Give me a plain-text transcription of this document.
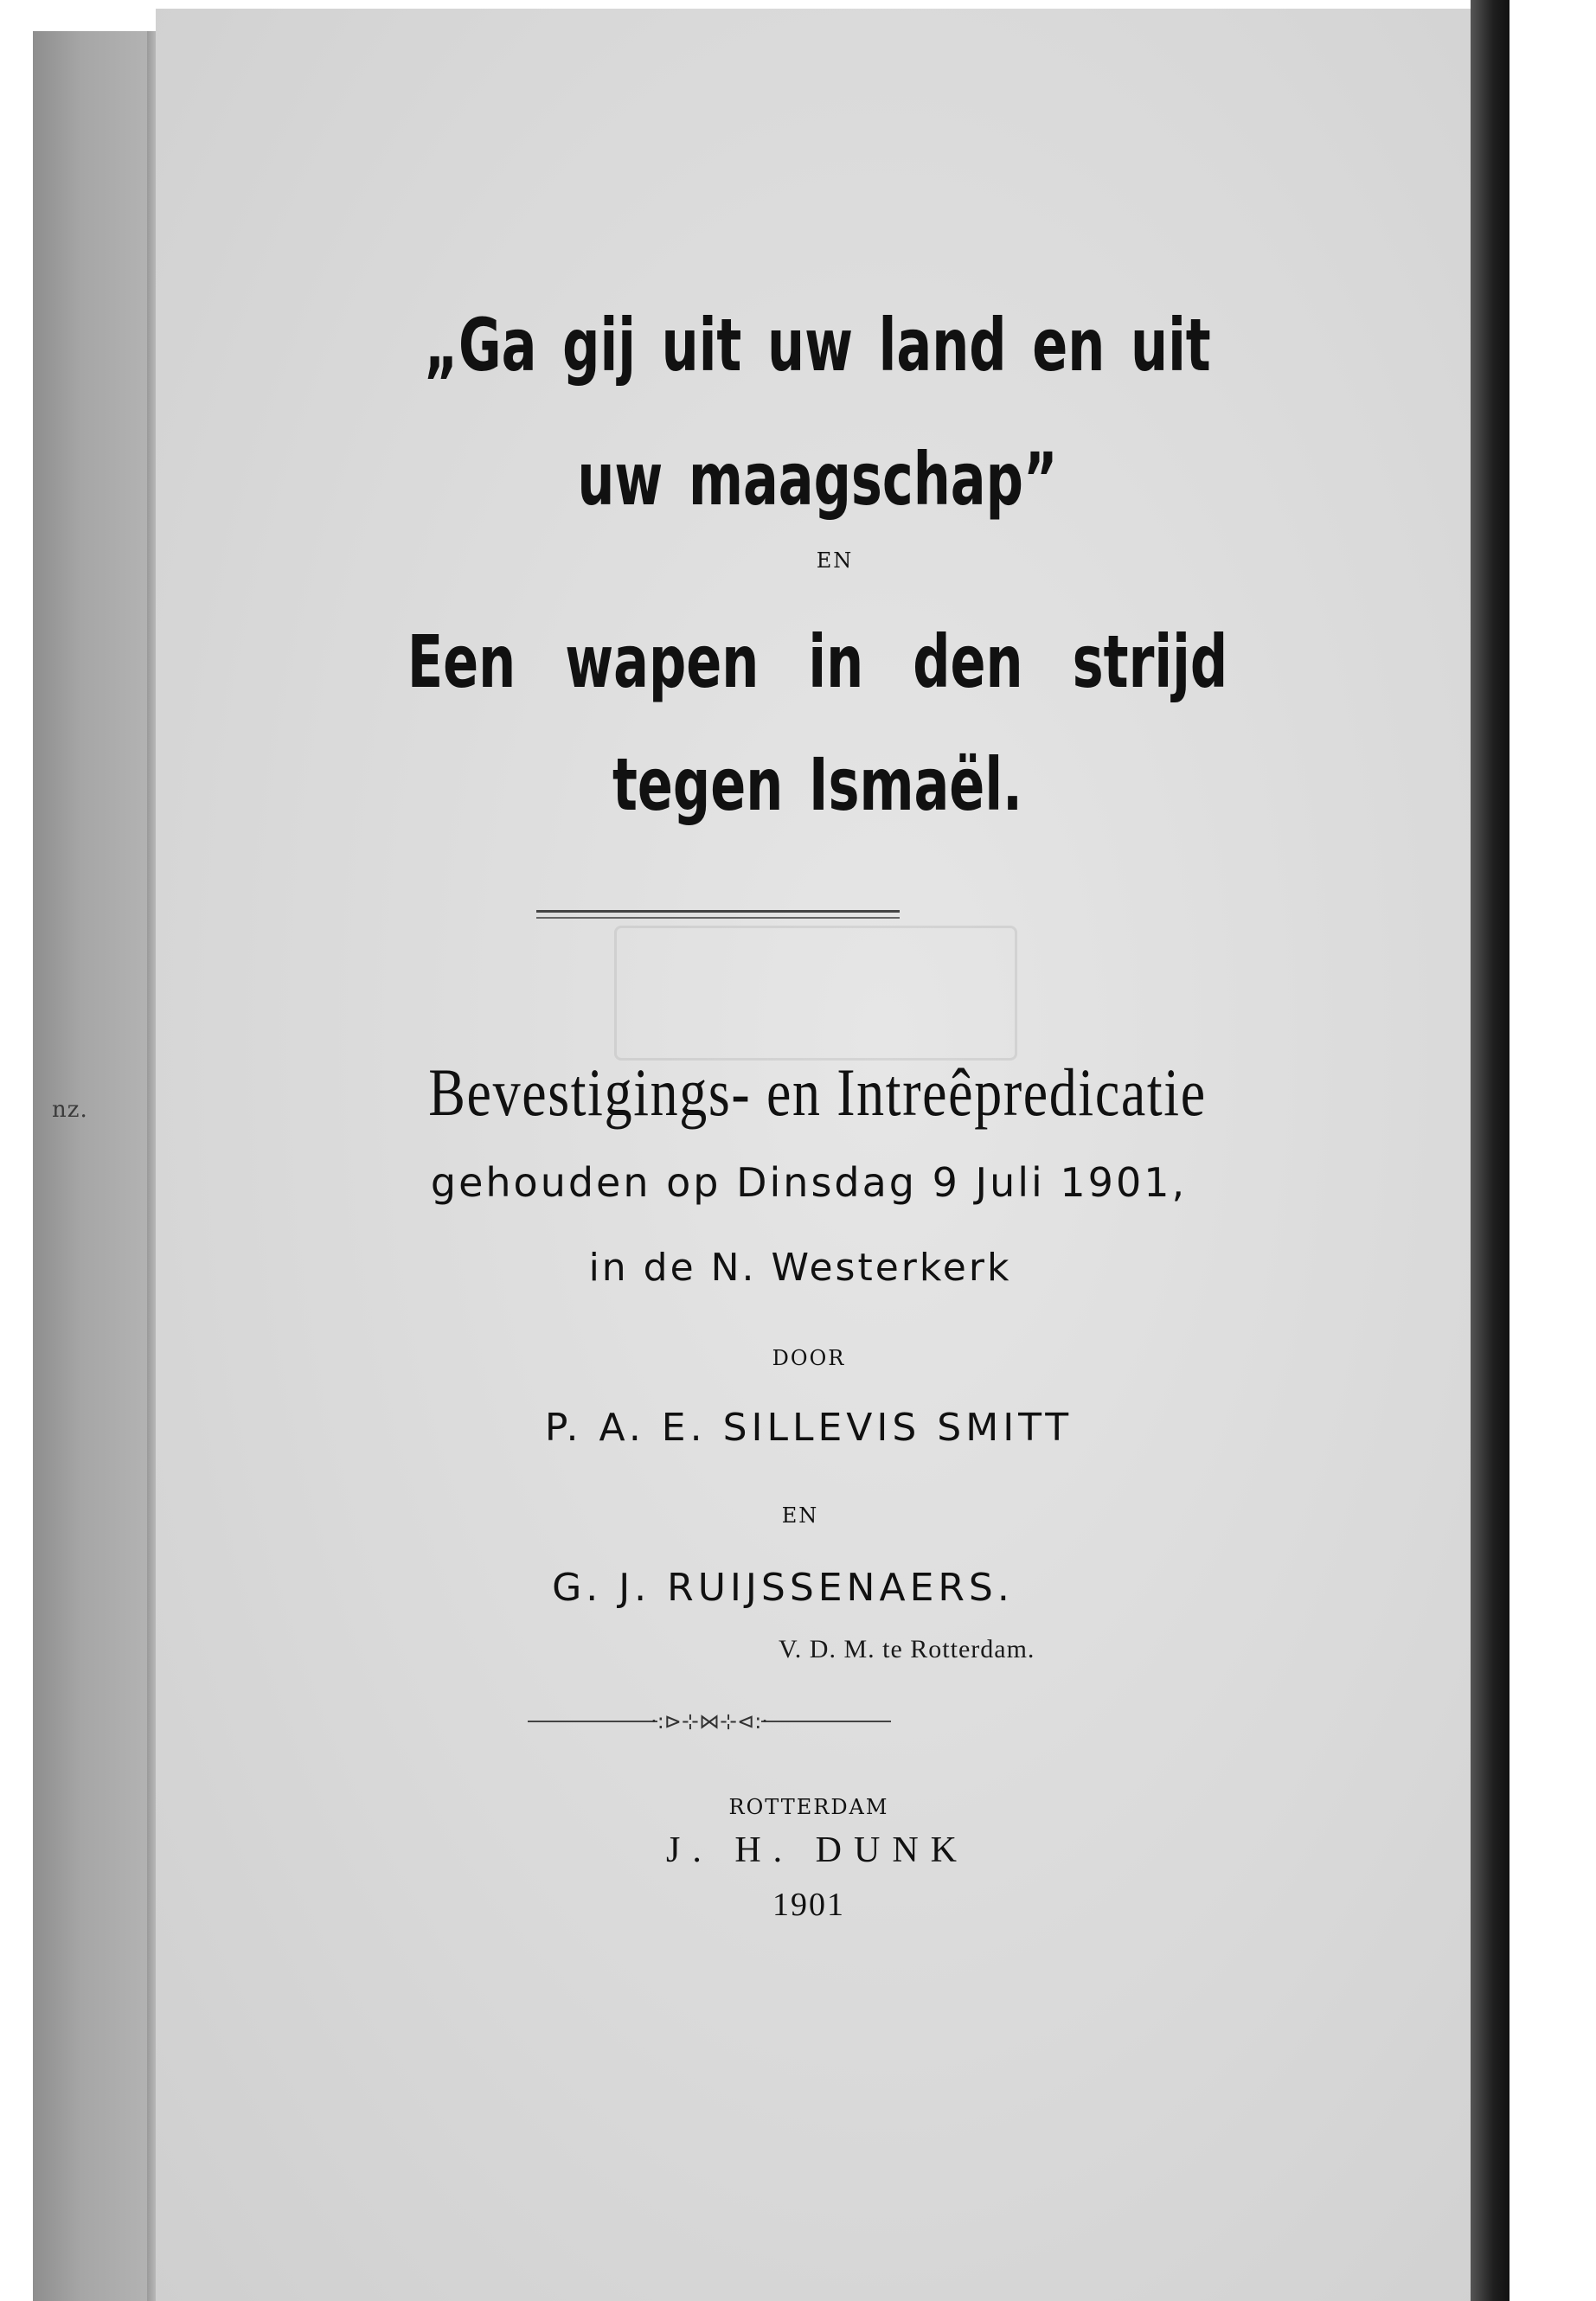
nz.
„Ga gij uit uw land en uit
uw maagschap”
EN
Een wapen in den strijd
tegen Ismaël.
Bevestigings- en Intreêpredicatie
gehouden op Dinsdag 9 Juli 1901,
in de N. Westerkerk
DOOR
P. A. E. SILLEVIS SMITT
EN
G. J. RUIJSSENAERS.
V. D. M. te Rotterdam.
·:⊳⊹⋈⊹⊲:·
ROTTERDAM
J. H. DUNK
1901
